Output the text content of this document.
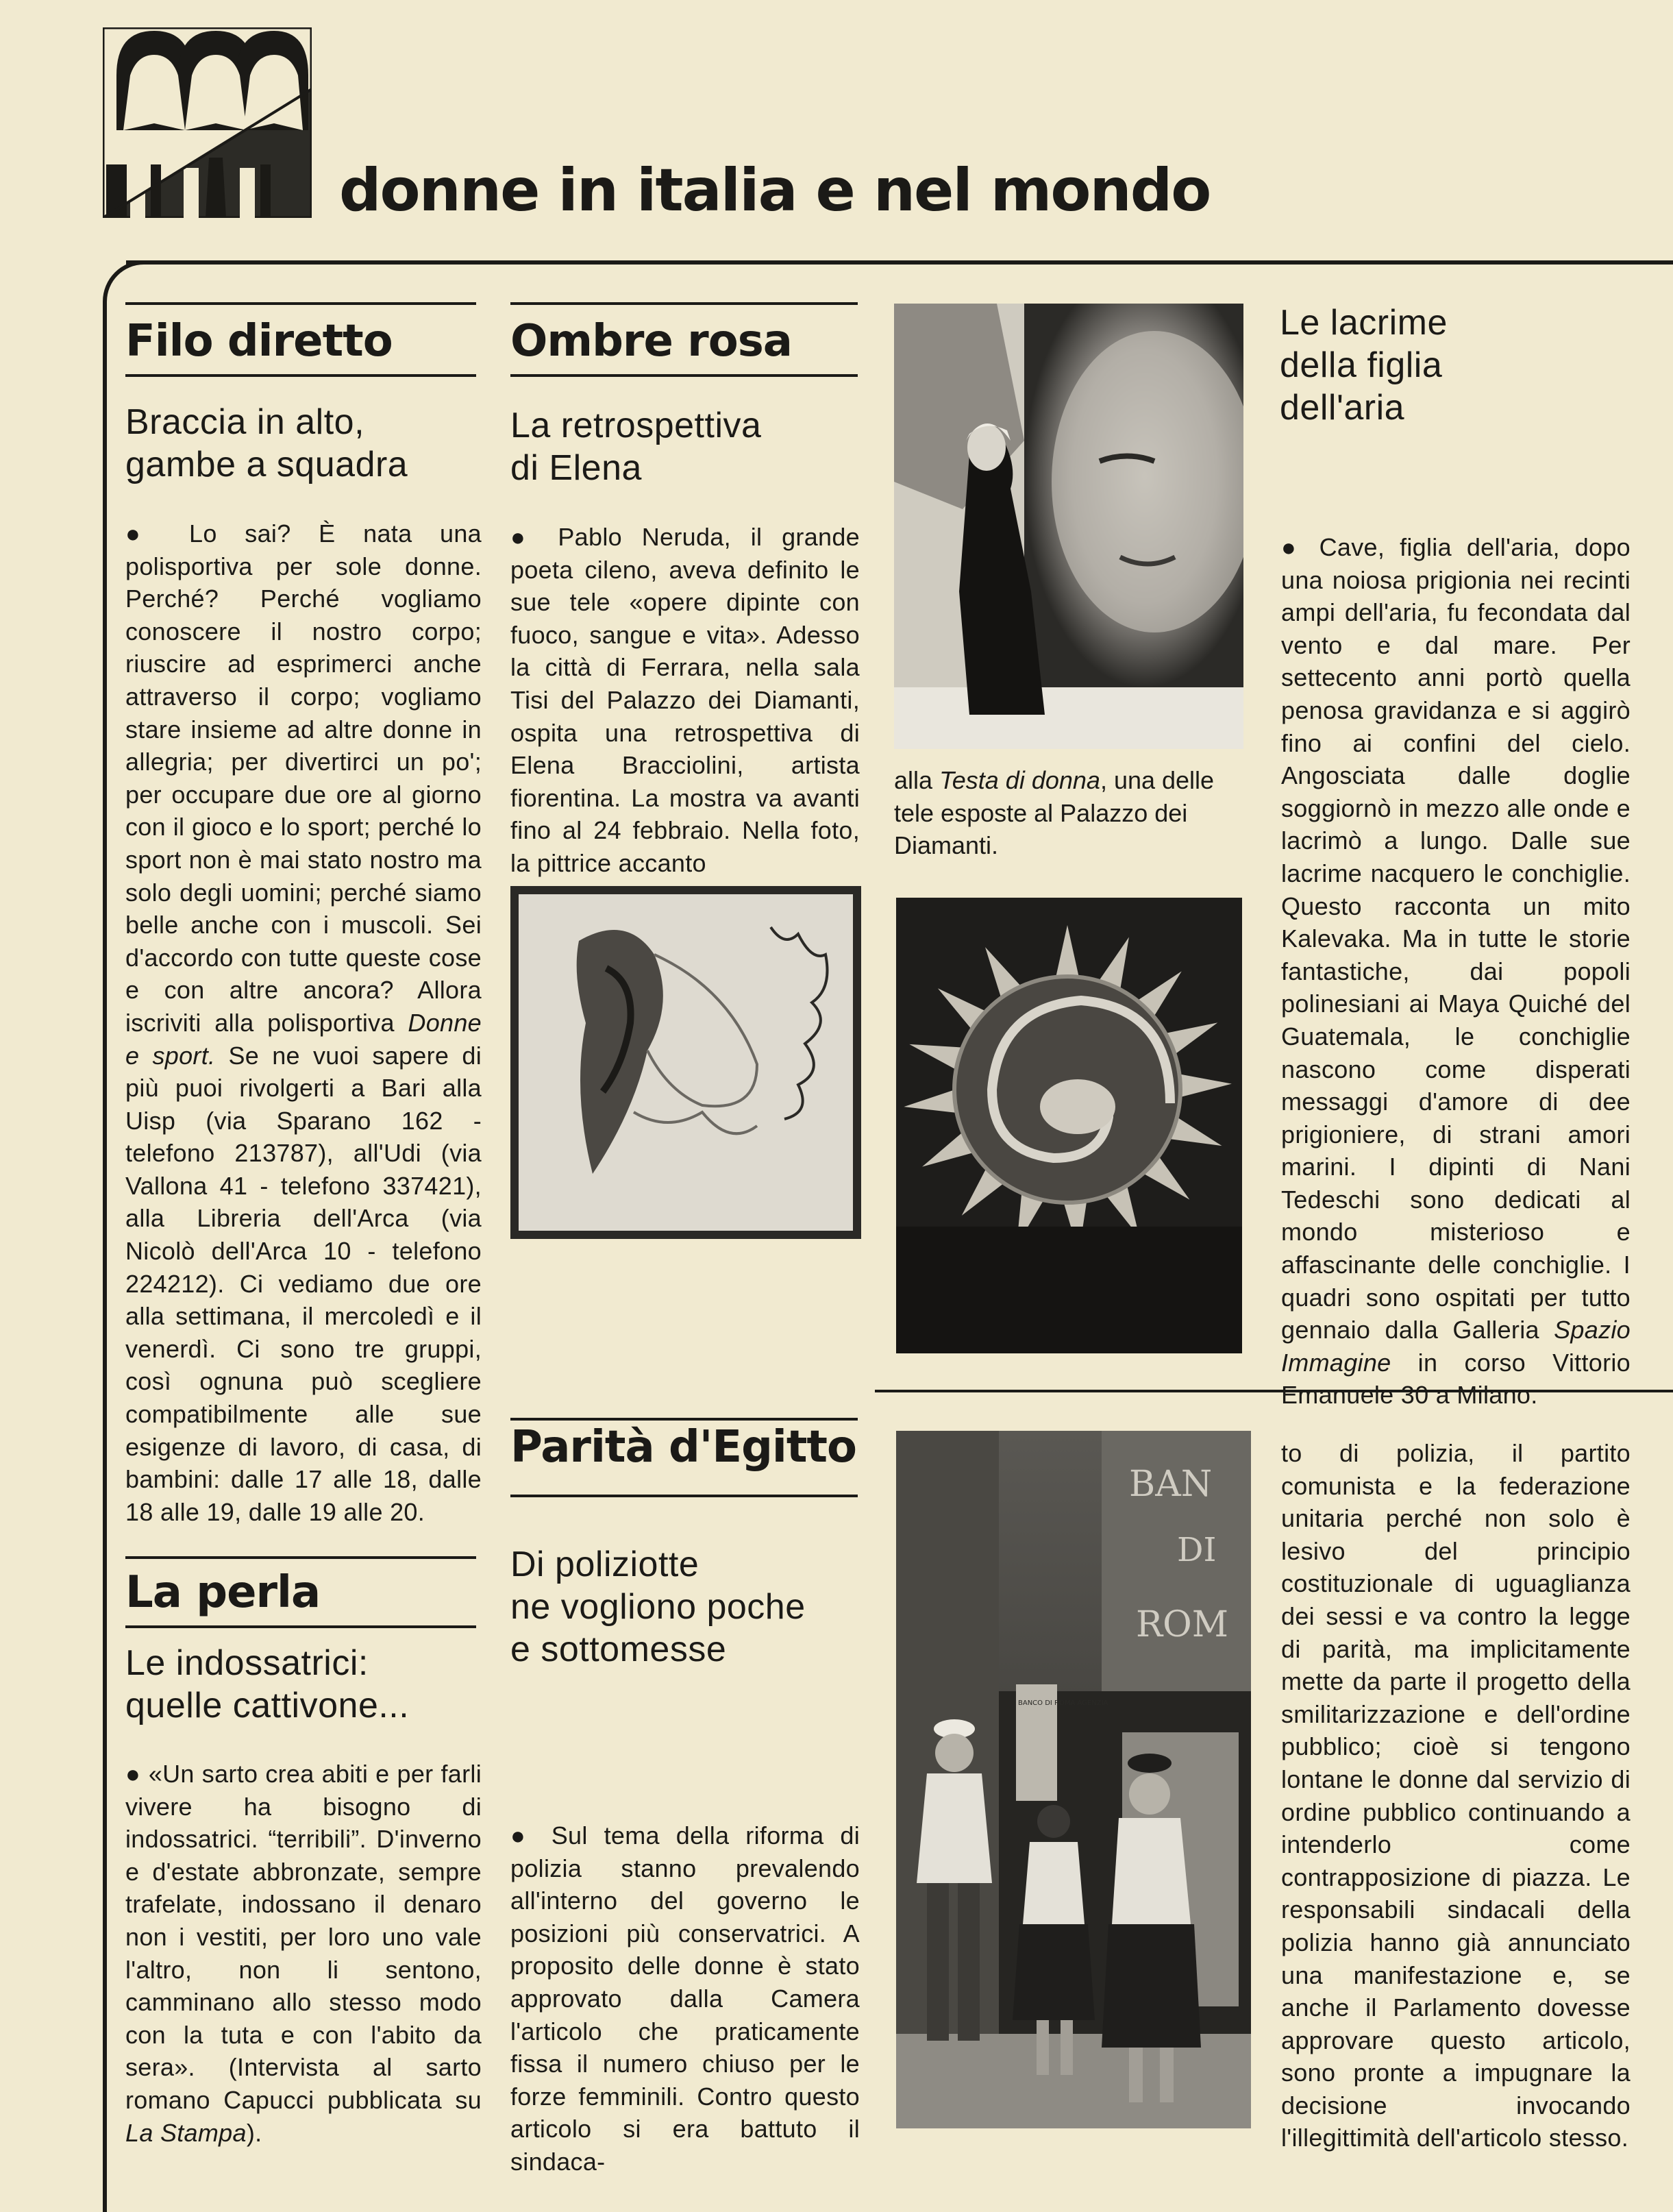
donne in italia e nel mondo
Filo diretto
Braccia in alto,
gambe a squadra

● Lo sai? È nata una polisportiva per sole donne. Perché? Perché vogliamo conoscere il nostro corpo; riuscire ad esprimerci anche attraverso il corpo; vogliamo stare insieme ad altre donne in allegria; per divertirci un po'; per occupare due ore al giorno con il gioco e lo sport; perché lo sport non è mai stato nostro ma solo degli uomini; perché siamo belle anche con i muscoli. Sei d'accordo con tutte queste cose e con altre ancora? Allora iscriviti alla polisportiva Donne e sport. Se ne vuoi sapere di più puoi rivolgerti a Bari alla Uisp (via Sparano 162 - telefono 213787), all'Udi (via Vallona 41 - telefono 337421), alla Libreria dell'Arca (via Nicolò dell'Arca 10 - telefono 224212). Ci vediamo due ore alla settimana, il mercoledì e il venerdì. Ci sono tre gruppi, così ognuna può scegliere compatibilmente alle sue esigenze di lavoro, di casa, di bambini: dalle 17 alle 18, dalle 18 alle 19, dalle 19 alle 20.

La perla
Le indossatrici:
quelle cattivone...

● «Un sarto crea abiti e per farli vivere ha bisogno di indossatrici. “terribili”. D'inverno e d'estate abbronzate, sempre trafelate, indossano il denaro non i vestiti, per loro uno vale l'altro, non li sentono, camminano allo stesso modo con la tuta e con l'abito da sera». (Intervista al sarto romano Capucci pubblicata su La Stampa).

Ombre rosa
La retrospettiva
di Elena

● Pablo Neruda, il grande poeta cileno, aveva definito le sue tele «opere dipinte con fuoco, sangue e vita». Adesso la città di Ferrara, nella sala Tisi del Palazzo dei Diamanti, ospita una retrospettiva di Elena Bracciolini, artista fiorentina. La mostra va avanti fino al 24 febbraio. Nella foto, la pittrice accanto

alla Testa di donna, una delle tele esposte al Palazzo dei Diamanti.
Le lacrime
della figlia
dell'aria

● Cave, figlia dell'aria, dopo una noiosa prigionia nei recinti ampi dell'aria, fu fecondata dal vento e dal mare. Per settecento anni portò quella penosa gravidanza e si aggirò fino ai confini del cielo. Angosciata dalle doglie soggiornò in mezzo alle onde e lacrimò a lungo. Dalle sue lacrime nacquero le conchiglie. Questo racconta un mito Kalevaka. Ma in tutte le storie fantastiche, dai popoli polinesiani ai Maya Quiché del Guatemala, le conchiglie nascono come disperati messaggi d'amore di dee prigioniere, di strani amori marini. I dipinti di Nani Tedeschi sono dedicati al mondo misterioso e affascinante delle conchiglie. I quadri sono ospitati per tutto gennaio dalla Galleria Spazio Immagine in corso Vittorio Emanuele 30 a Milano.

Parità d'Egitto
Di poliziotte
ne vogliono poche
e sottomesse

● Sul tema della riforma di polizia stanno prevalendo all'interno del governo le posizioni più conservatrici. A proposito delle donne è stato approvato dalla Camera l'articolo che praticamente fissa il numero chiuso per le forze femminili. Contro questo articolo si era battuto il sindaca-

BAN
DI
ROM
BANCO DI ROMA AGENZIA

to di polizia, il partito comunista e la federazione unitaria perché non solo è lesivo del principio costituzionale di uguaglianza dei sessi e va contro la legge di parità, ma implicitamente mette da parte il progetto della smilitarizzazione e dell'ordine pubblico; cioè si tengono lontane le donne dal servizio di ordine pubblico continuando a intenderlo come contrapposizione di piazza. Le responsabili sindacali della polizia hanno già annunciato una manifestazione e, se anche il Parlamento dovesse approvare questo articolo, sono pronte a impugnare la decisione invocando l'illegittimità dell'articolo stesso.
